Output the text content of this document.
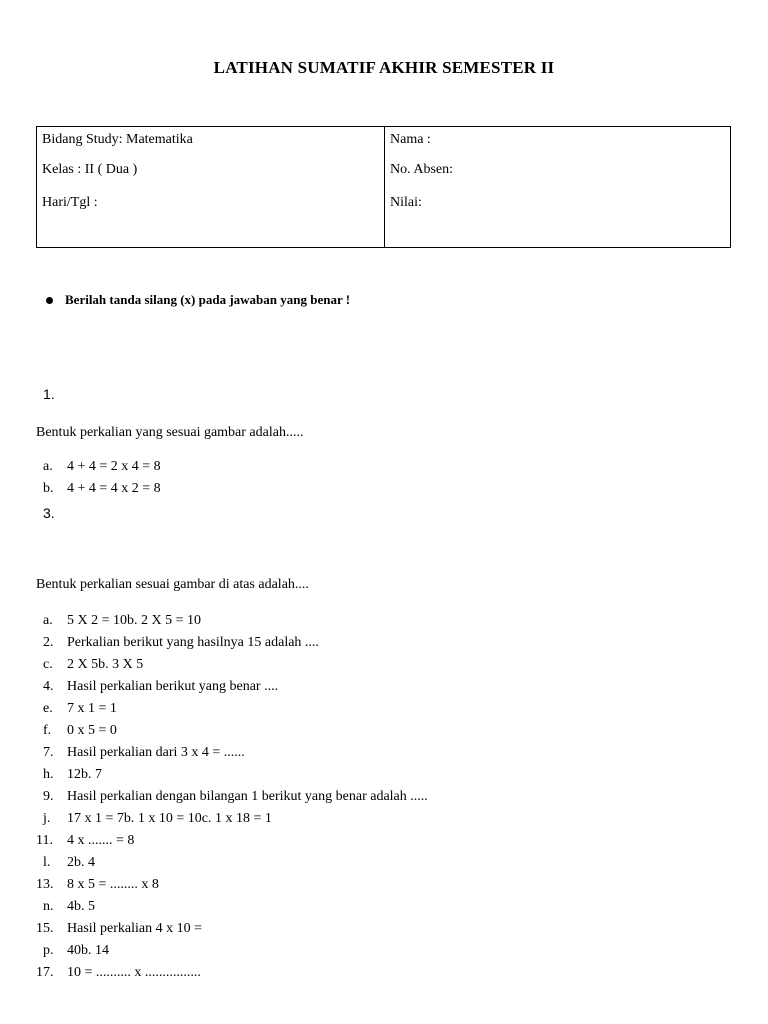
LATIHAN SUMATIF AKHIR SEMESTER II
Bidang Study: Matematika
Kelas : II ( Dua )
Hari/Tgl :
Nama :
No. Absen:
Nilai:
Berilah tanda silang (x) pada jawaban yang benar !
1.
Bentuk perkalian yang sesuai gambar adalah.....
a. 4 + 4 = 2 x 4 = 8
b. 4 + 4 = 4 x 2 = 8
3.
Bentuk perkalian sesuai gambar di atas adalah....
a. 5 X 2 = 10b. 2 X 5 = 10
2. Perkalian berikut yang hasilnya 15 adalah ....
c. 2 X 5b. 3 X 5
4. Hasil perkalian berikut yang benar ....
e. 7 x 1 = 1
f. 0 x 5 = 0
7. Hasil perkalian dari 3 x 4 = ......
h. 12b. 7
9. Hasil perkalian dengan bilangan 1 berikut yang benar adalah .....
j. 17 x 1 = 7b. 1 x 10 = 10c. 1 x 18 = 1
11. 4 x ....... = 8
l. 2b. 4
13. 8 x 5 = ........ x 8
n. 4b. 5
15. Hasil perkalian 4 x 10 =
p. 40b. 14
17. 10 = .......... x ................
